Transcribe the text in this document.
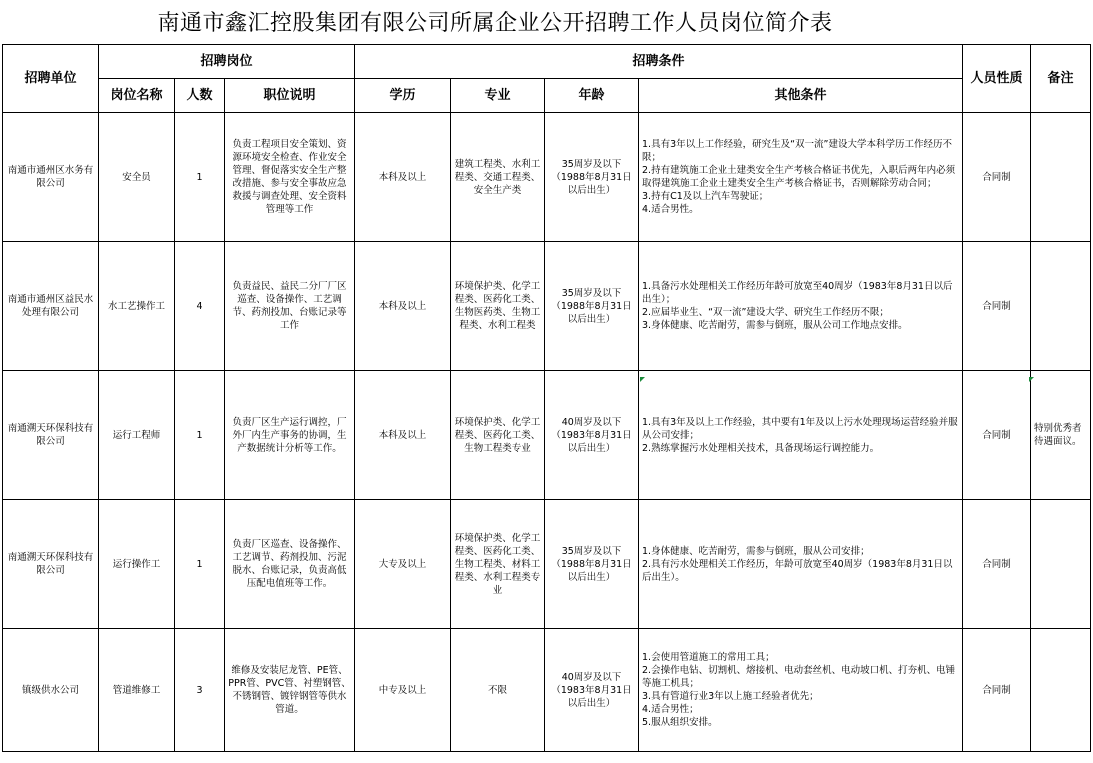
南通市鑫汇控股集团有限公司所属企业公开招聘工作人员岗位简介表
招聘单位	招聘岗位			招聘条件				人员性质	备注
	岗位名称	人数	职位说明	学历	专业	年龄	其他条件		
南通市通州区水务有限公司	安全员	1	负责工程项目安全策划、资源环境安全检查、作业安全管理、督促落实安全生产整改措施、参与安全事故应急救援与调查处理、安全资料管理等工作	本科及以上	建筑工程类、水利工程类、交通工程类、安全生产类	35周岁及以下（1988年8月31日以后出生）	1.具有3年以上工作经验，研究生及“双一流”建设大学本科学历工作经历不限；
2.持有建筑施工企业土建类安全生产考核合格证书优先，入职后两年内必须取得建筑施工企业土建类安全生产考核合格证书，否则解除劳动合同；
3.持有C1及以上汽车驾驶证；
4.适合男性。	合同制	
南通市通州区益民水处理有限公司	水工艺操作工	4	负责益民、益民二分厂厂区巡查、设备操作、工艺调节、药剂投加、台账记录等工作	本科及以上	环境保护类、化学工程类、医药化工类、生物医药类、生物工程类、水利工程类	35周岁及以下（1988年8月31日以后出生）	1.具备污水处理相关工作经历年龄可放宽至40周岁（1983年8月31日以后出生）；
2.应届毕业生、“双一流”建设大学、研究生工作经历不限；
3.身体健康、吃苦耐劳，需参与倒班，服从公司工作地点安排。	合同制	
南通溯天环保科技有限公司	运行工程师	1	负责厂区生产运行调控，厂外厂内生产事务的协调，生产数据统计分析等工作。	本科及以上	环境保护类、化学工程类、医药化工类、生物工程类专业	40周岁及以下（1983年8月31日以后出生）	1.具有3年及以上工作经验，其中要有1年及以上污水处理现场运营经验并服从公司安排；
2.熟练掌握污水处理相关技术，具备现场运行调控能力。	合同制	特别优秀者待遇面议。
南通溯天环保科技有限公司	运行操作工	1	负责厂区巡查、设备操作、工艺调节、药剂投加、污泥脱水、台账记录，负责高低压配电值班等工作。	大专及以上	环境保护类、化学工程类、医药化工类、生物工程类、材料工程类、水利工程类专业	35周岁及以下（1988年8月31日以后出生）	1.身体健康、吃苦耐劳，需参与倒班，服从公司安排；
2.具有污水处理相关工作经历，年龄可放宽至40周岁（1983年8月31日以后出生）。	合同制	
镇级供水公司	管道维修工	3	维修及安装尼龙管、PE管、PPR管、PVC管、衬塑钢管、不锈钢管、镀锌钢管等供水管道。	中专及以上	不限	40周岁及以下（1983年8月31日以后出生）	1.会使用管道施工的常用工具；
2.会操作电钻、切割机、熔接机、电动套丝机、电动坡口机、打夯机、电锤等施工机具；
3.具有管道行业3年以上施工经验者优先；
4.适合男性；
5.服从组织安排。	合同制	
